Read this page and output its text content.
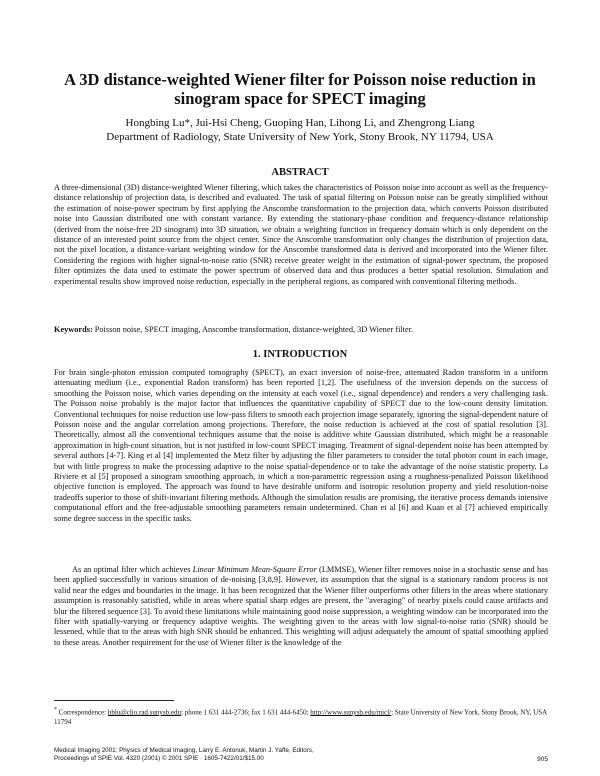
A 3D distance-weighted Wiener filter for Poisson noise reduction in sinogram space for SPECT imaging
Hongbing Lu*, Jui-Hsi Cheng, Guoping Han, Lihong Li, and Zhengrong Liang
Department of Radiology, State University of New York, Stony Brook, NY 11794, USA
ABSTRACT

A three-dimensional (3D) distance-weighted Wiener filtering, which takes the characteristics of Poisson noise into account as well as the frequency-distance relationship of projection data, is described and evaluated. The task of spatial filtering on Poisson noise can be greatly simplified without the estimation of noise-power spectrum by first applying the Anscombe transformation to the projection data, which converts Poisson distributed noise into Gaussian distributed one with constant variance. By extending the stationary-phase condition and frequency-distance relationship (derived from the noise-free 2D sinogram) into 3D situation, we obtain a weighting function in frequency domain which is only dependent on the distance of an interested point source from the object center. Since the Anscombe transformation only changes the distribution of projection data, not the pixel location, a distance-variant weighting window for the Anscombe transformed data is derived and incorporated into the Wiener filter. Considering the regions with higher signal-to-noise ratio (SNR) receive greater weight in the estimation of signal-power spectrum, the proposed filter optimizes the data used to estimate the power spectrum of observed data and thus produces a better spatial resolution. Simulation and experimental results show improved noise reduction, especially in the peripheral regions, as compared with conventional filtering methods.

Keywords: Poisson noise, SPECT imaging, Anscombe transformation, distance-weighted, 3D Wiener filter.
1. INTRODUCTION

For brain single-photon emission computed tomography (SPECT), an exact inversion of noise-free, attenuated Radon transform in a uniform attenuating medium (i.e., exponential Radon transform) has been reported [1,2]. The usefulness of the inversion depends on the success of smoothing the Poisson noise, which varies depending on the intensity at each voxel (i.e., signal dependence) and renders a very challenging task. The Poisson noise probably is the major factor that influences the quantitative capability of SPECT due to the low-count density limitation. Conventional techniques for noise reduction use low-pass filters to smooth each projection image separately, ignoring the signal-dependent nature of Poisson noise and the angular correlation among projections. Therefore, the noise reduction is achieved at the cost of spatial resolution [3]. Theoretically, almost all the conventional techniques assume that the noise is additive white Gaussian distributed, which might be a reasonable approximation in high-count situation, but is not justified in low-count SPECT imaging. Treatment of signal-dependent noise has been attempted by several authors [4-7]. King et al [4] implemented the Metz filter by adjusting the filter parameters to consider the total photon count in each image, but with little progress to make the processing adaptive to the noise spatial-dependence or to take the advantage of the noise statistic property. La Riviere et al [5] proposed a sinogram smoothing approach, in which a non-parametric regression using a roughness-penalized Poisson likelihood objective function is employed. The approach was found to have desirable uniform and isotropic resolution property and yield resolution-noise tradeoffs superior to those of shift-invariant filtering methods. Although the simulation results are promising, the iterative process demands intensive computational effort and the free-adjustable smoothing parameters remain undetermined. Chan et al [6] and Kuan et al [7] achieved empirically some degree success in the specific tasks.

As an optimal filter which achieves Linear Minimum Mean-Square Error (LMMSE), Wiener filter removes noise in a stochastic sense and has been applied successfully in various situation of de-noising [3,8,9]. However, its assumption that the signal is a stationary random process is not valid near the edges and boundaries in the image. It has been recognized that the Wiener filter outperforms other filters in the areas where stationary assumption is reasonably satisfied, while in areas where spatial sharp edges are present, the "averaging" of nearby pixels could cause artifacts and blur the filtered sequence [3]. To avoid these limitations while maintaining good noise suppression, a weighting window can be incorporated into the filter with spatially-varying or frequency adaptive weights. The weighting given to the areas with low signal-to-noise ratio (SNR) should be lessened, while that to the areas with high SNR should be enhanced. This weighting will adjust adequately the amount of spatial smoothing applied to these areas. Another requirement for the use of Wiener filter is the knowledge of the

* Correspondence: hblu@clio.rad.sunysb.edu; phone 1 631 444-2736; fax 1 631 444-6450; http://www.sunysb.edu/micl/; State University of New York, Stony Brook, NY, USA 11794
Medical Imaging 2001: Physics of Medical Imaging, Larry E. Antonuk, Martin J. Yaffe, Editors,
Proceedings of SPIE Vol. 4320 (2001) © 2001 SPIE · 1605-7422/01/$15.00	905
